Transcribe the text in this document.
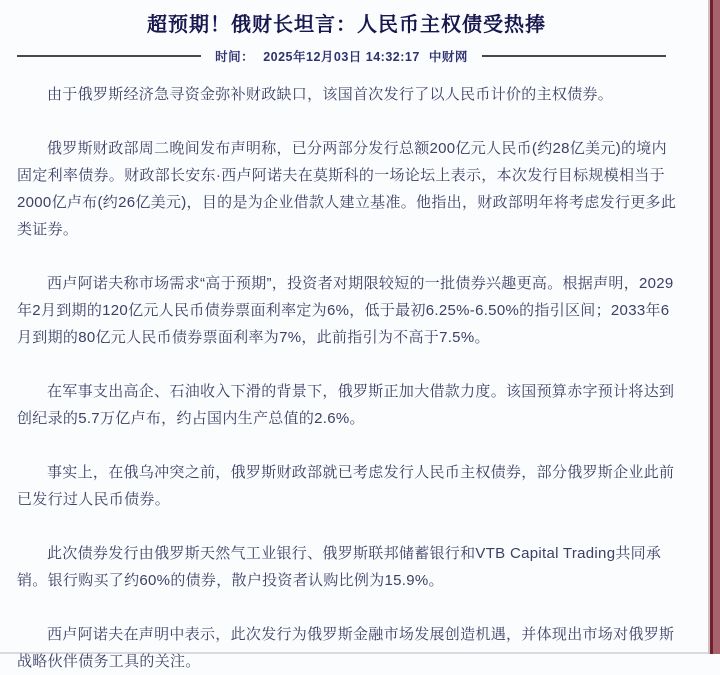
超预期！俄财长坦言：人民币主权债受热捧
时间： 2025年12月03日 14:32:17 中财网

由于俄罗斯经济急寻资金弥补财政缺口，该国首次发行了以人民币计价的主权债券。

俄罗斯财政部周二晚间发布声明称，已分两部分发行总额200亿元人民币(约28亿美元)的境内固定利率债券。财政部长安东·西卢阿诺夫在莫斯科的一场论坛上表示，本次发行目标规模相当于2000亿卢布(约26亿美元)，目的是为企业借款人建立基准。他指出，财政部明年将考虑发行更多此类证券。

西卢阿诺夫称市场需求“高于预期”，投资者对期限较短的一批债券兴趣更高。根据声明，2029年2月到期的120亿元人民币债券票面利率定为6%，低于最初6.25%-6.50%的指引区间；2033年6月到期的80亿元人民币债券票面利率为7%，此前指引为不高于7.5%。

在军事支出高企、石油收入下滑的背景下，俄罗斯正加大借款力度。该国预算赤字预计将达到创纪录的5.7万亿卢布，约占国内生产总值的2.6%。

事实上，在俄乌冲突之前，俄罗斯财政部就已考虑发行人民币主权债券，部分俄罗斯企业此前已发行过人民币债券。

此次债券发行由俄罗斯天然气工业银行、俄罗斯联邦储蓄银行和VTB Capital Trading共同承销。银行购买了约60%的债券，散户投资者认购比例为15.9%。

西卢阿诺夫在声明中表示，此次发行为俄罗斯金融市场发展创造机遇，并体现出市场对俄罗斯战略伙伴债务工具的关注。
